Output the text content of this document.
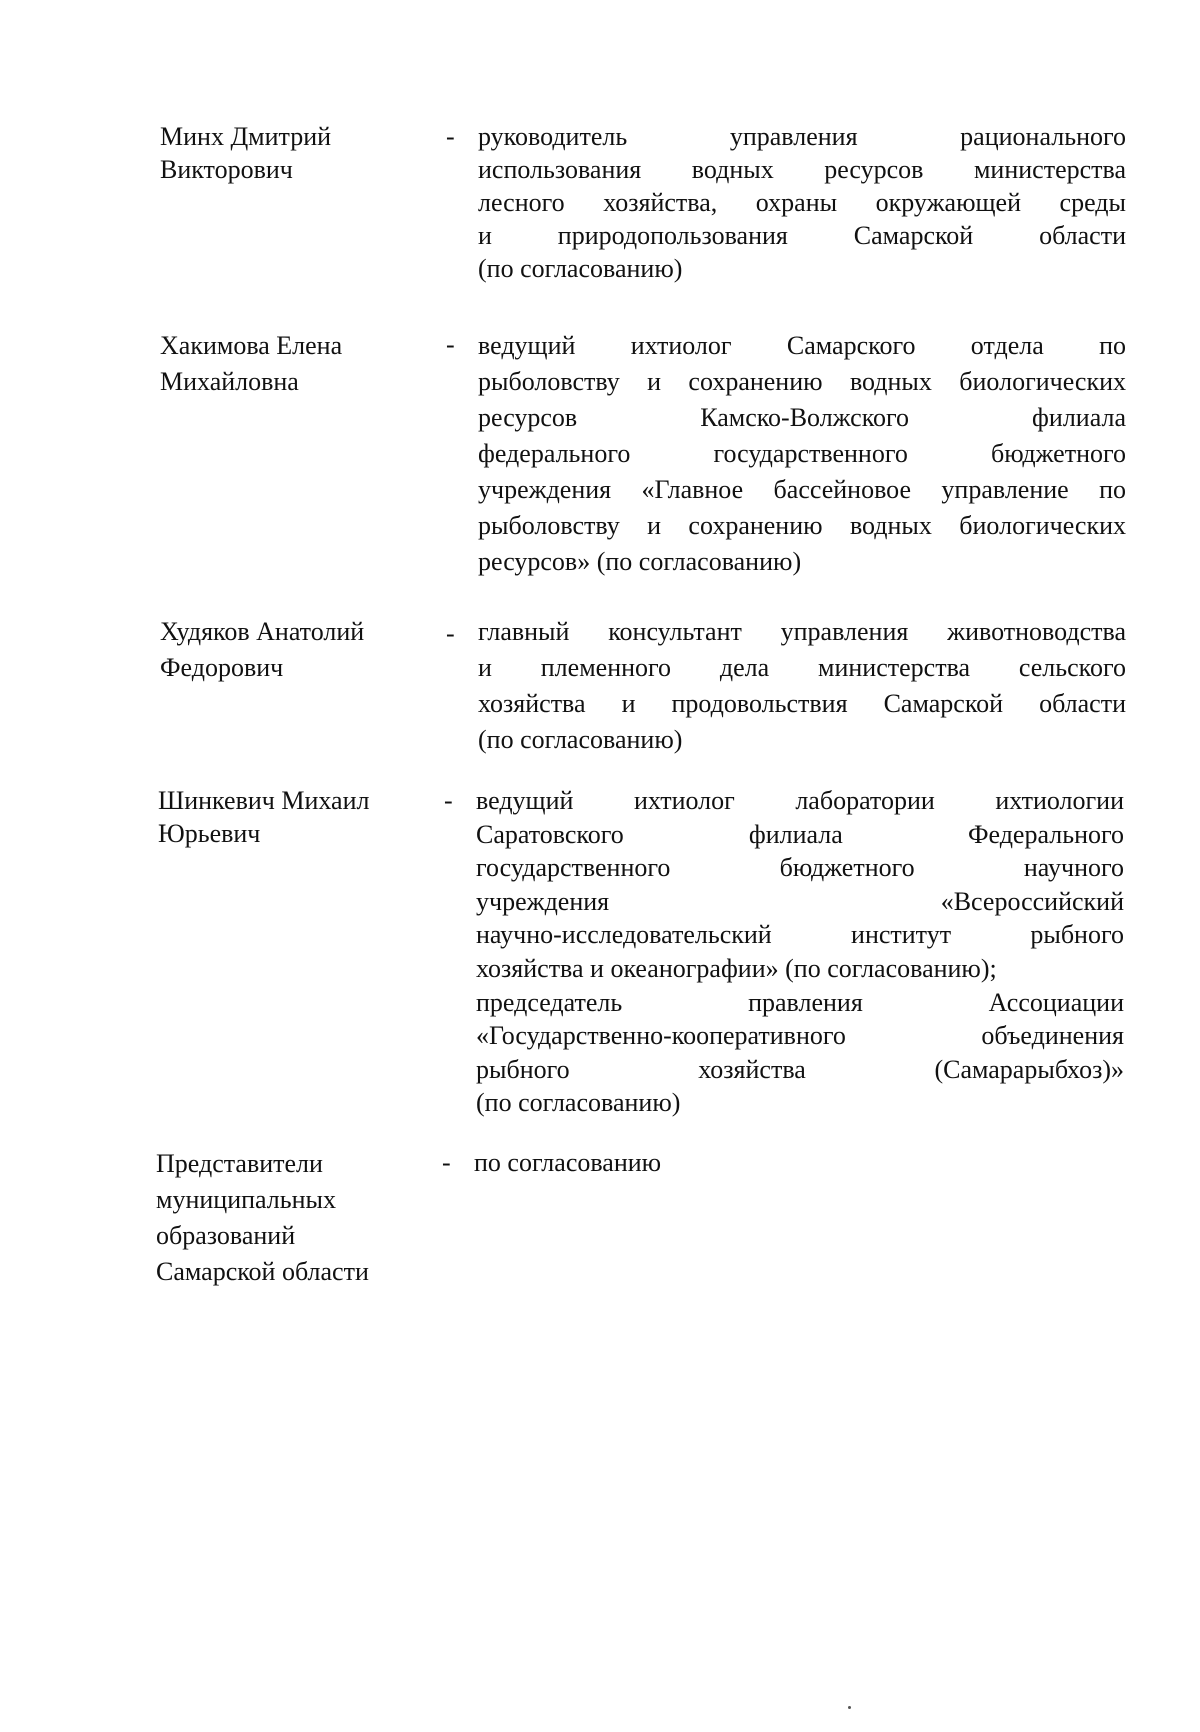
Минх Дмитрий
Викторович
- руководитель управления рационального
использования водных ресурсов министерства
лесного хозяйства, охраны окружающей среды
и природопользования Самарской области
(по согласованию)
Хакимова Елена
Михайловна
- ведущий ихтиолог Самарского отдела по
рыболовству и сохранению водных биологических
ресурсов Камско-Волжского филиала
федерального государственного бюджетного
учреждения «Главное бассейновое управление по
рыболовству и сохранению водных биологических
ресурсов» (по согласованию)
Худяков Анатолий
Федорович
- главный консультант управления животноводства
и племенного дела министерства сельского
хозяйства и продовольствия Самарской области
(по согласованию)
Шинкевич Михаил
Юрьевич
- ведущий ихтиолог лаборатории ихтиологии
Саратовского филиала Федерального
государственного бюджетного научного
учреждения «Всероссийский
научно-исследовательский институт рыбного
хозяйства и океанографии» (по согласованию);
председатель правления Ассоциации
«Государственно-кооперативного объединения
рыбного хозяйства (Самарарыбхоз)»
(по согласованию)
Представители
муниципальных
образований
Самарской области
- по согласованию
